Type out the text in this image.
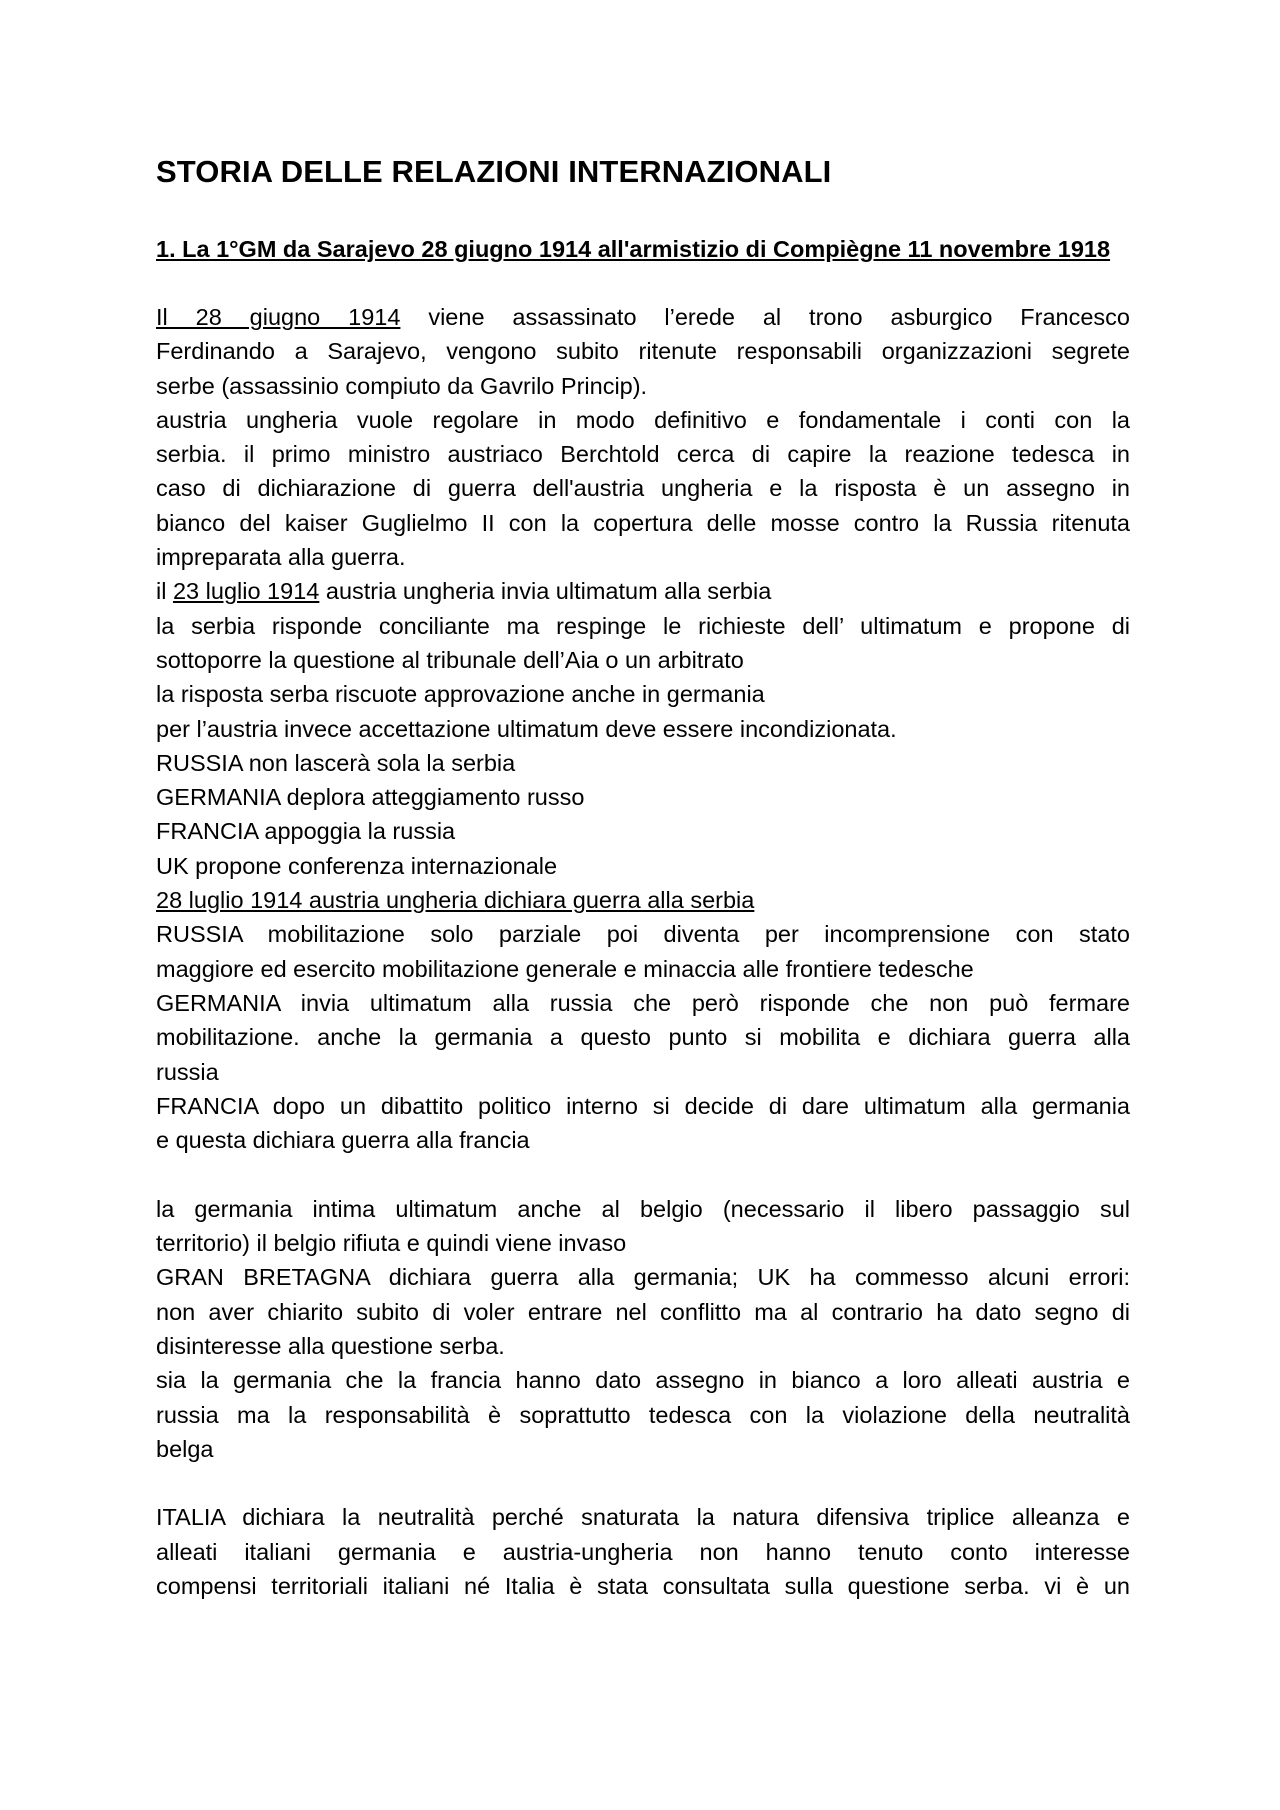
STORIA DELLE RELAZIONI INTERNAZIONALI
1. La 1°GM da Sarajevo 28 giugno 1914 all'armistizio di Compiègne 11 novembre 1918
Il 28 giugno 1914 viene assassinato l’erede al trono asburgico Francesco
Ferdinando a Sarajevo, vengono subito ritenute responsabili organizzazioni segrete
serbe (assassinio compiuto da Gavrilo Princip).
austria ungheria vuole regolare in modo definitivo e fondamentale i conti con la
serbia. il primo ministro austriaco Berchtold cerca di capire la reazione tedesca in
caso di dichiarazione di guerra dell'austria ungheria e la risposta è un assegno in
bianco del kaiser Guglielmo II con la copertura delle mosse contro la Russia ritenuta
impreparata alla guerra.
il 23 luglio 1914 austria ungheria invia ultimatum alla serbia
la serbia risponde conciliante ma respinge le richieste dell’ ultimatum e propone di
sottoporre la questione al tribunale dell’Aia o un arbitrato
la risposta serba riscuote approvazione anche in germania
per l’austria invece accettazione ultimatum deve essere incondizionata.
RUSSIA non lascerà sola la serbia
GERMANIA deplora atteggiamento russo
FRANCIA appoggia la russia
UK propone conferenza internazionale
28 luglio 1914 austria ungheria dichiara guerra alla serbia
RUSSIA mobilitazione solo parziale poi diventa per incomprensione con stato
maggiore ed esercito mobilitazione generale e minaccia alle frontiere tedesche
GERMANIA invia ultimatum alla russia che però risponde che non può fermare
mobilitazione. anche la germania a questo punto si mobilita e dichiara guerra alla
russia
FRANCIA dopo un dibattito politico interno si decide di dare ultimatum alla germania
e questa dichiara guerra alla francia
la germania intima ultimatum anche al belgio (necessario il libero passaggio sul
territorio) il belgio rifiuta e quindi viene invaso
GRAN BRETAGNA dichiara guerra alla germania; UK ha commesso alcuni errori:
non aver chiarito subito di voler entrare nel conflitto ma al contrario ha dato segno di
disinteresse alla questione serba.
sia la germania che la francia hanno dato assegno in bianco a loro alleati austria e
russia ma la responsabilità è soprattutto tedesca con la violazione della neutralità
belga
ITALIA dichiara la neutralità perché snaturata la natura difensiva triplice alleanza e
alleati italiani germania e austria-ungheria non hanno tenuto conto interesse
compensi territoriali italiani né Italia è stata consultata sulla questione serba. vi è un
